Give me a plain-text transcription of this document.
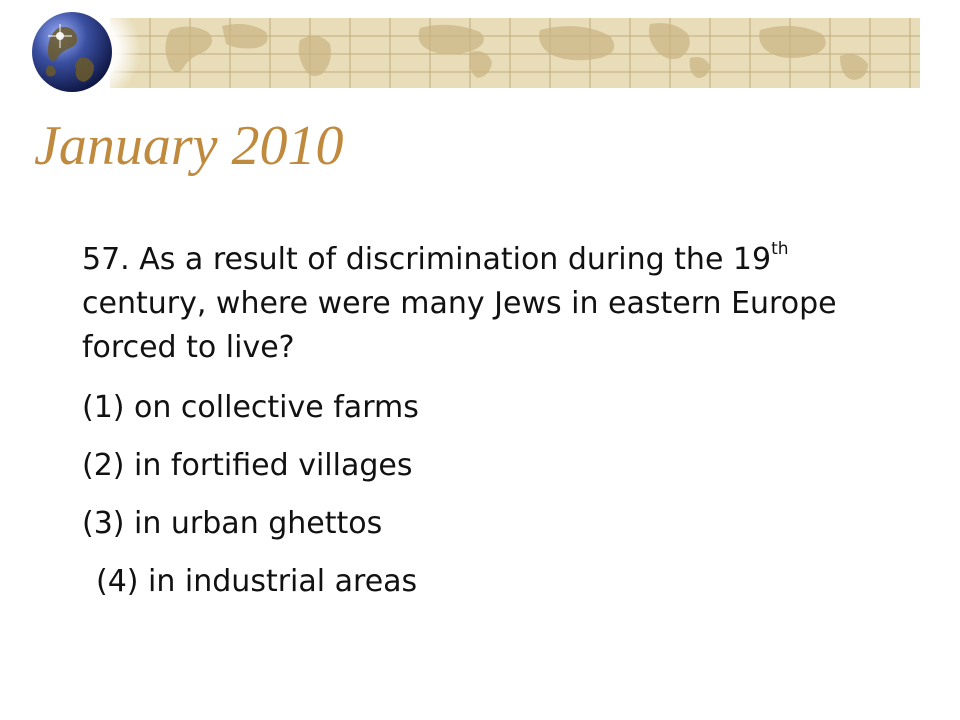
January 2010

57. As a result of discrimination during the 19th century, where were many Jews in eastern Europe forced to live?

(1) on collective farms

(2) in fortified villages

(3) in urban ghettos

(4) in industrial areas
